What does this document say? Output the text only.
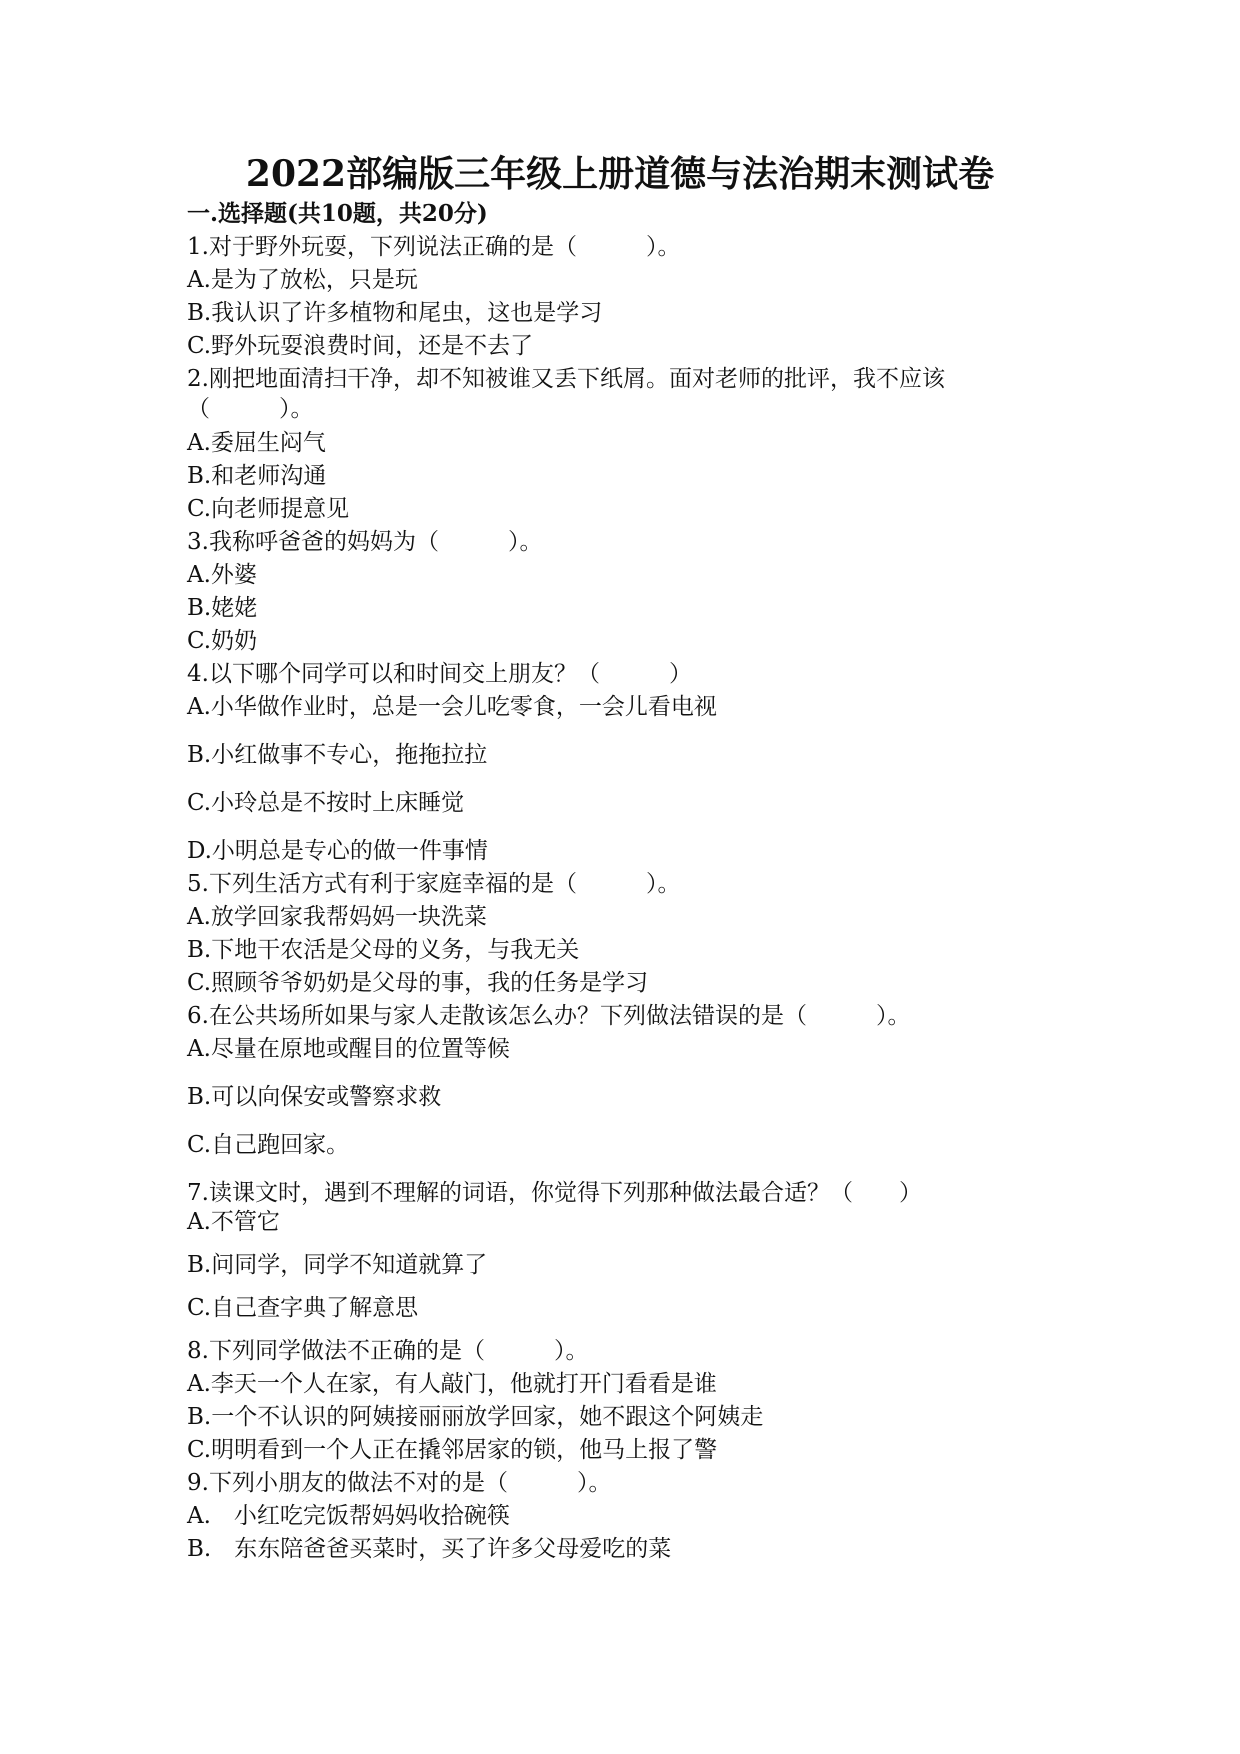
2022部编版三年级上册道德与法治期末测试卷
一.选择题(共10题，共20分)
1.对于野外玩耍，下列说法正确的是（　　　）。
A.是为了放松，只是玩
B.我认识了许多植物和尾虫，这也是学习
C.野外玩耍浪费时间，还是不去了
2.刚把地面清扫干净，却不知被谁又丢下纸屑。面对老师的批评，我不应该（　　　）。
A.委屈生闷气
B.和老师沟通
C.向老师提意见
3.我称呼爸爸的妈妈为（　　　）。
A.外婆
B.姥姥
C.奶奶
4.以下哪个同学可以和时间交上朋友？（　　　）
A.小华做作业时，总是一会儿吃零食，一会儿看电视
B.小红做事不专心，拖拖拉拉
C.小玲总是不按时上床睡觉
D.小明总是专心的做一件事情
5.下列生活方式有利于家庭幸福的是（　　　）。
A.放学回家我帮妈妈一块洗菜
B.下地干农活是父母的义务，与我无关
C.照顾爷爷奶奶是父母的事，我的任务是学习
6.在公共场所如果与家人走散该怎么办？下列做法错误的是（　　　）。
A.尽量在原地或醒目的位置等候
B.可以向保安或警察求救
C.自己跑回家。
7.读课文时，遇到不理解的词语，你觉得下列那种做法最合适？（　　）
A.不管它
B.问同学，同学不知道就算了
C.自己查字典了解意思
8.下列同学做法不正确的是（　　　）。
A.李天一个人在家，有人敲门，他就打开门看看是谁
B.一个不认识的阿姨接丽丽放学回家，她不跟这个阿姨走
C.明明看到一个人正在撬邻居家的锁，他马上报了警
9.下列小朋友的做法不对的是（　　　）。
A.　小红吃完饭帮妈妈收拾碗筷
B.　东东陪爸爸买菜时，买了许多父母爱吃的菜
